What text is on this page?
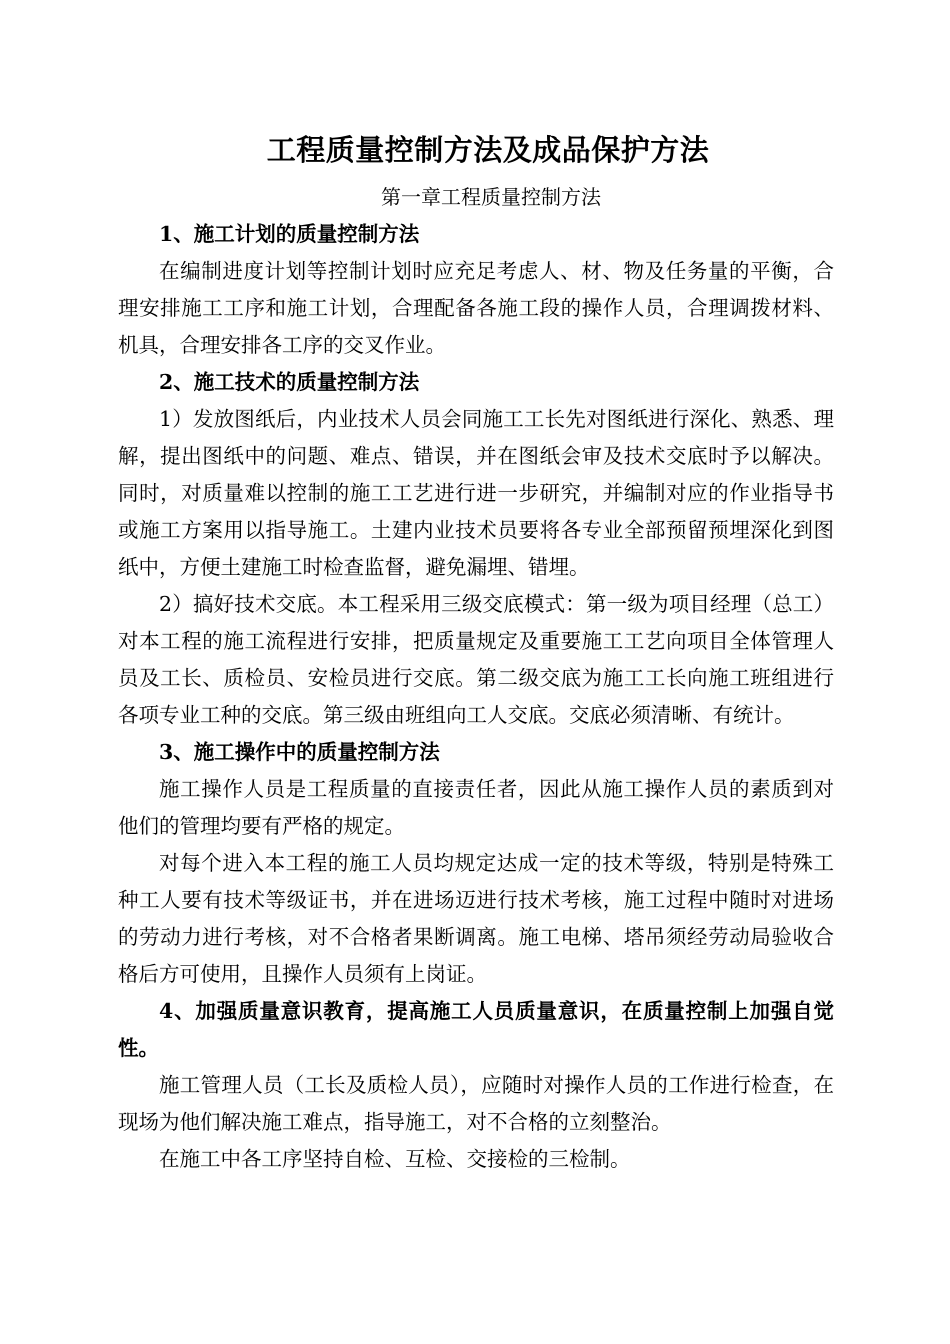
工程质量控制方法及成品保护方法
第一章工程质量控制方法

1、施工计划的质量控制方法

在编制进度计划等控制计划时应充足考虑人、材、物及任务量的平衡，合理安排施工工序和施工计划，合理配备各施工段的操作人员，合理调拨材料、机具，合理安排各工序的交叉作业。

2、施工技术的质量控制方法

1）发放图纸后，内业技术人员会同施工工长先对图纸进行深化、熟悉、理解，提出图纸中的问题、难点、错误，并在图纸会审及技术交底时予以解决。同时，对质量难以控制的施工工艺进行进一步研究，并编制对应的作业指导书或施工方案用以指导施工。土建内业技术员要将各专业全部预留预埋深化到图纸中，方便土建施工时检查监督，避免漏埋、错埋。

2）搞好技术交底。本工程采用三级交底模式：第一级为项目经理（总工）对本工程的施工流程进行安排，把质量规定及重要施工工艺向项目全体管理人员及工长、质检员、安检员进行交底。第二级交底为施工工长向施工班组进行各项专业工种的交底。第三级由班组向工人交底。交底必须清晰、有统计。

3、施工操作中的质量控制方法

施工操作人员是工程质量的直接责任者，因此从施工操作人员的素质到对他们的管理均要有严格的规定。

对每个进入本工程的施工人员均规定达成一定的技术等级，特别是特殊工种工人要有技术等级证书，并在进场迈进行技术考核，施工过程中随时对进场的劳动力进行考核，对不合格者果断调离。施工电梯、塔吊须经劳动局验收合格后方可使用，且操作人员须有上岗证。

4、加强质量意识教育，提高施工人员质量意识，在质量控制上加强自觉性。

施工管理人员（工长及质检人员），应随时对操作人员的工作进行检查，在现场为他们解决施工难点，指导施工，对不合格的立刻整治。

在施工中各工序坚持自检、互检、交接检的三检制。
